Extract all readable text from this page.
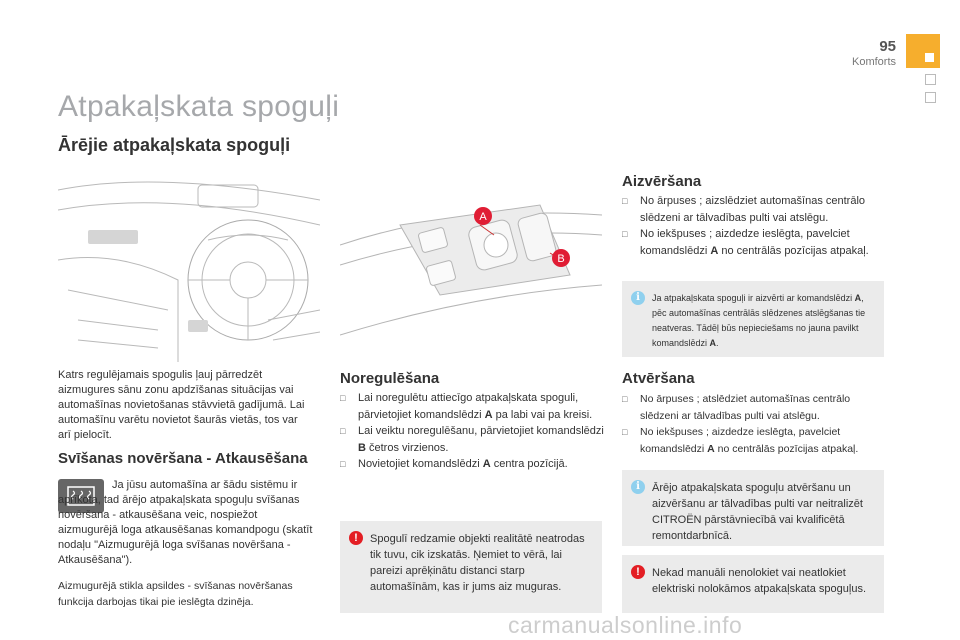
95
Komforts
Atpakaļskata spoguļi
Ārējie atpakaļskata spoguļi
A
B
Katrs regulējamais spogulis ļauj pārredzēt aizmugures sānu zonu apdzīšanas situācijas vai automašīnas novietošanas stāvvietā gadījumā. Lai automašīnu varētu novietot šaurās vietās, tos var arī pielocīt.
Svīšanas novēršana - Atkausēšana
Ja jūsu automašīna ar šādu sistēmu ir aprīkota, tad ārējo atpakaļskata spoguļu svīšanas novēršana - atkausēšana veic, nospiežot aizmugurējā loga atkausēšanas komandpogu (skatīt nodaļu "Aizmugurējā loga svīšanas novēršana - Atkausēšana").
Aizmugurējā stikla apsildes - svīšanas novēršanas funkcija darbojas tikai pie ieslēgta dzinēja.
Noregulēšana
□ Lai noregulētu attiecīgo atpakaļskata spoguli, pārvietojiet komandslēdzi A pa labi vai pa kreisi.
□ Lai veiktu noregulēšanu, pārvietojiet komandslēdzi B četros virzienos.
□ Novietojiet komandslēdzi A centra pozīcijā.
!	Spogulī redzamie objekti realitātē neatrodas tik tuvu, cik izskatās. Ņemiet to vērā, lai pareizi aprēķinātu distanci starp automašīnām, kas ir jums aiz muguras.
Aizvēršana
□ No ārpuses ; aizslēdziet automašīnas centrālo slēdzeni ar tālvadības pulti vai atslēgu.
□ No iekšpuses ; aizdedze ieslēgta, pavelciet komandslēdzi A no centrālās pozīcijas atpakaļ.
i	Ja atpakaļskata spoguļi ir aizvērti ar komandslēdzi A, pēc automašīnas centrālās slēdzenes atslēgšanas tie neatveras. Tādēļ būs nepieciešams no jauna pavilkt komandslēdzi A.
Atvēršana
□ No ārpuses ; atslēdziet automašīnas centrālo slēdzeni ar tālvadības pulti vai atslēgu.
□ No iekšpuses ; aizdedze ieslēgta, pavelciet komandslēdzi A no centrālās pozīcijas atpakaļ.
i	Ārējo atpakaļskata spoguļu atvēršanu un aizvēršanu ar tālvadības pulti var neitralizēt CITROËN pārstāvniecībā vai kvalificētā remontdarbnīcā.
!	Nekad manuāli nenolokiet vai neatlokiet elektriski nolokāmos atpakaļskata spoguļus.
carmanualsonline.info
